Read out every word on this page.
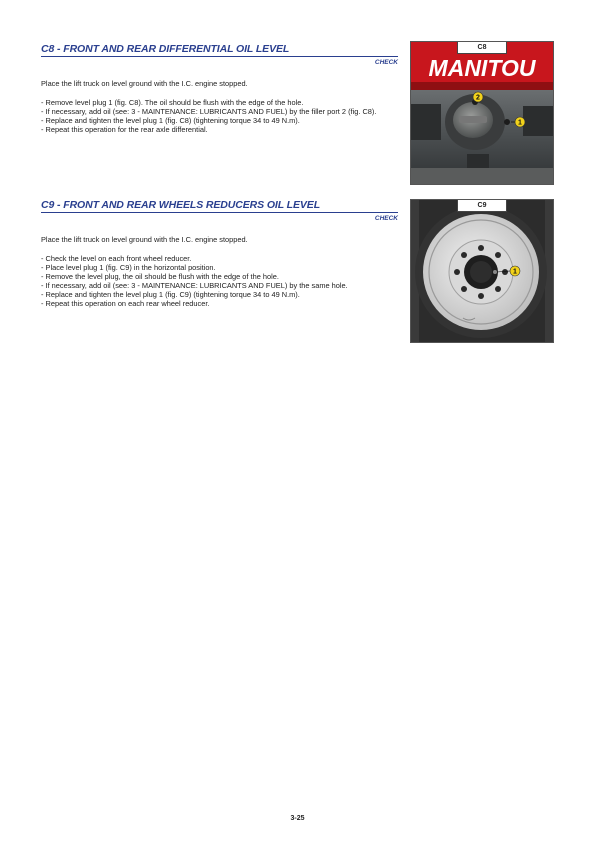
C8 - FRONT AND REAR DIFFERENTIAL OIL LEVEL
CHECK

Place the lift truck on level ground with the I.C. engine stopped.

- Remove level plug 1 (fig. C8). The oil should be flush with the edge of the hole.
- If necessary, add oil (see: 3 - MAINTENANCE: LUBRICANTS AND FUEL) by the filler port 2 (fig. C8).
- Replace and tighten the level plug 1 (fig. C8) (tightening torque 34 to 49 N.m).
- Repeat this operation for the rear axle differential.
C9 - FRONT AND REAR WHEELS REDUCERS OIL LEVEL
CHECK

Place the lift truck on level ground with the I.C. engine stopped.

- Check the level on each front wheel reducer.
- Place level plug 1 (fig. C9) in the horizontal position.
- Remove the level plug, the oil should be flush with the edge of the hole.
- If necessary, add oil (see: 3 - MAINTENANCE: LUBRICANTS AND FUEL) by the same hole.
- Replace and tighten the level plug 1 (fig. C9) (tightening torque 34 to 49 N.m).
- Repeat this operation on each rear wheel reducer.
C8
MANITOU
2
1
C9
1
3-25
